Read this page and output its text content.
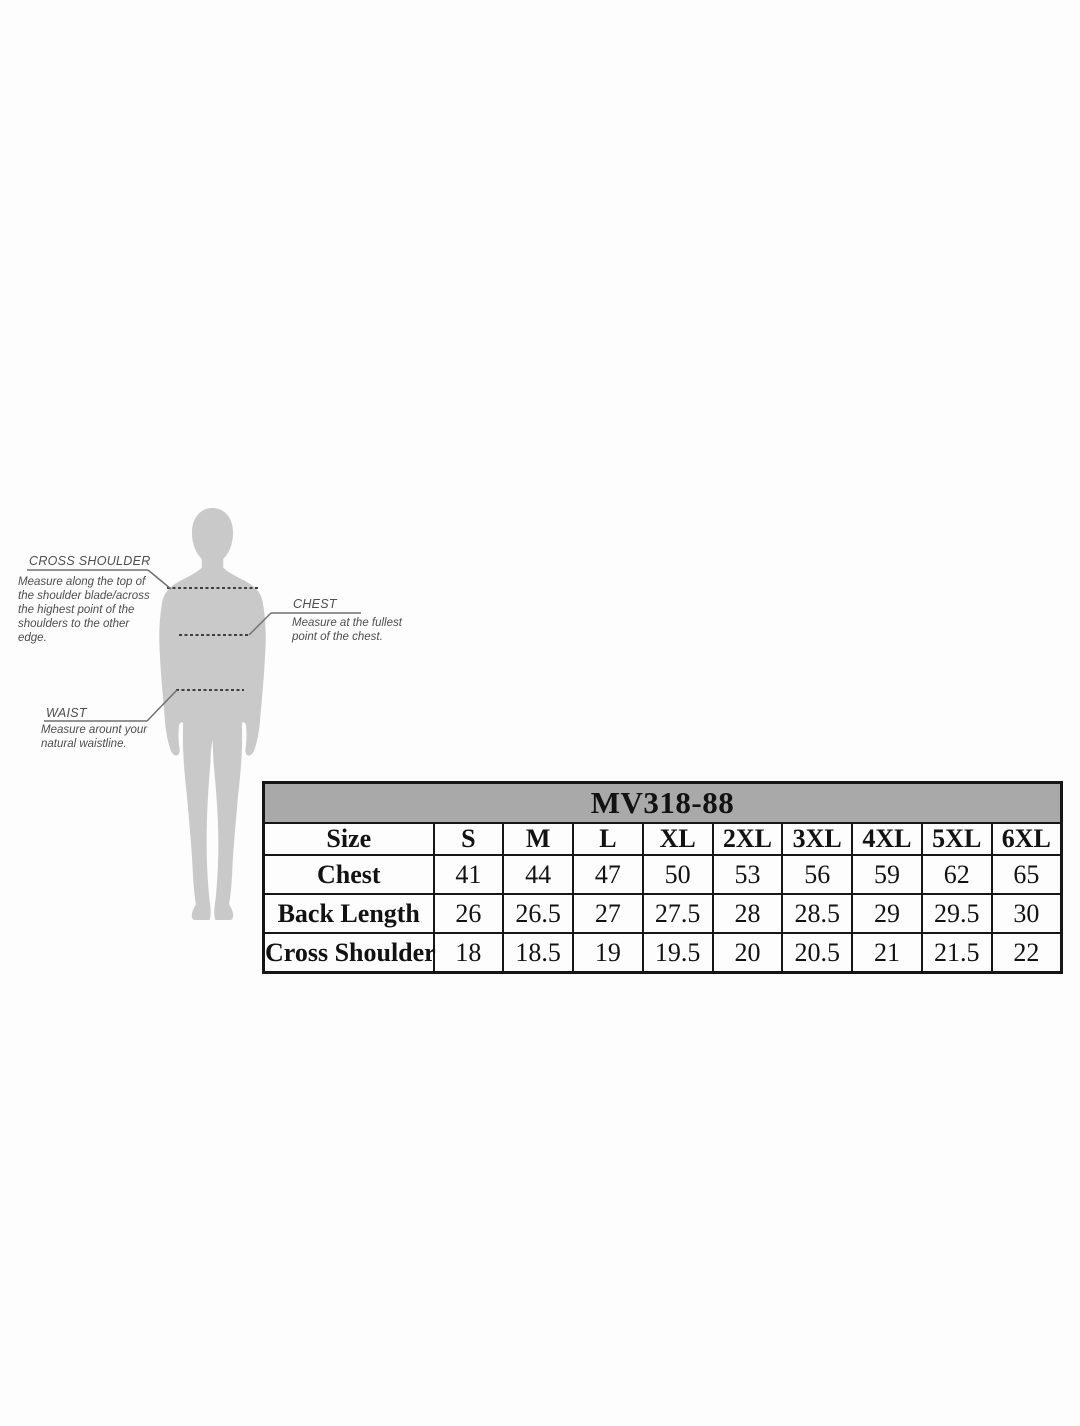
CROSS SHOULDER
Measure along the top of the shoulder blade/across the highest point of the shoulders to the other edge.
CHEST
Measure at the fullest point of the chest.
WAIST
Measure arount your natural waistline.
MV318-88									
Size	S	M	L	XL	2XL	3XL	4XL	5XL	6XL
Chest	41	44	47	50	53	56	59	62	65
Back Length	26	26.5	27	27.5	28	28.5	29	29.5	30
Cross Shoulder	18	18.5	19	19.5	20	20.5	21	21.5	22
